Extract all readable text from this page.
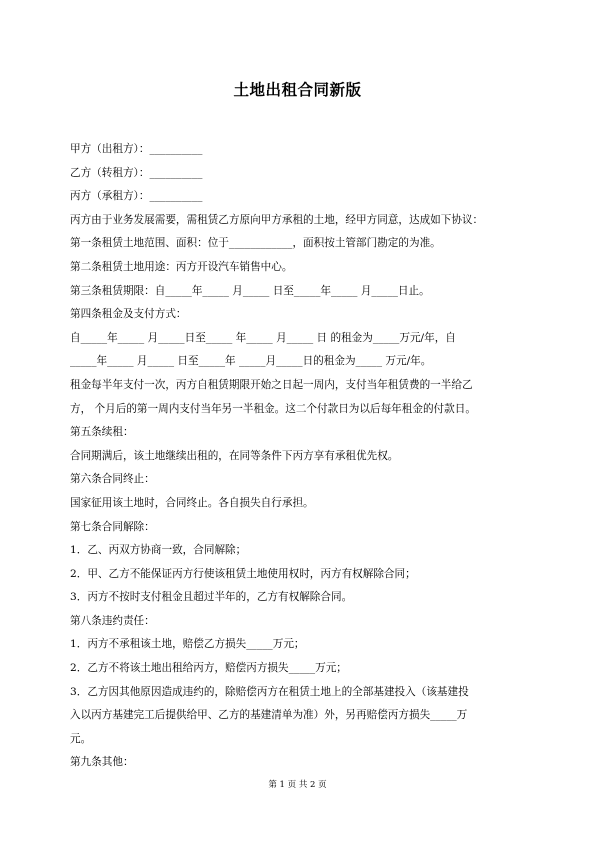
土地出租合同新版
甲方（出租方）：__________
乙方（转租方）：__________
丙方（承租方）：__________
丙方由于业务发展需要，需租赁乙方原向甲方承租的土地，经甲方同意，达成如下协议：
第一条租赁土地范围、面积：位于____________，面积按土管部门勘定的为准。
第二条租赁土地用途：丙方开设汽车销售中心。
第三条租赁期限：自_____年_____ 月_____ 日至_____年_____ 月_____日止。
第四条租金及支付方式：
自_____年_____ 月_____日至_____ 年_____ 月_____ 日 的租金为_____万元/年，自
_____年_____ 月_____ 日至_____年 _____月_____日的租金为_____ 万元/年。
租金每半年支付一次，丙方自租赁期限开始之日起一周内，支付当年租赁费的一半给乙
方， 个月后的第一周内支付当年另一半租金。这二个付款日为以后每年租金的付款日。
第五条续租：
合同期满后，该土地继续出租的，在同等条件下丙方享有承租优先权。
第六条合同终止：
国家征用该土地时，合同终止。各自损失自行承担。
第七条合同解除：
1．乙、丙双方协商一致，合同解除；
2．甲、乙方不能保证丙方行使该租赁土地使用权时，丙方有权解除合同；
3．丙方不按时支付租金且超过半年的，乙方有权解除合同。
第八条违约责任：
1．丙方不承租该土地，赔偿乙方损失_____万元；
2．乙方不将该土地出租给丙方，赔偿丙方损失_____万元；
3．乙方因其他原因造成违约的，除赔偿丙方在租赁土地上的全部基建投入（该基建投
入以丙方基建完工后提供给甲、乙方的基建清单为准）外，另再赔偿丙方损失_____万
元。
第九条其他：
第 1 页 共 2 页
